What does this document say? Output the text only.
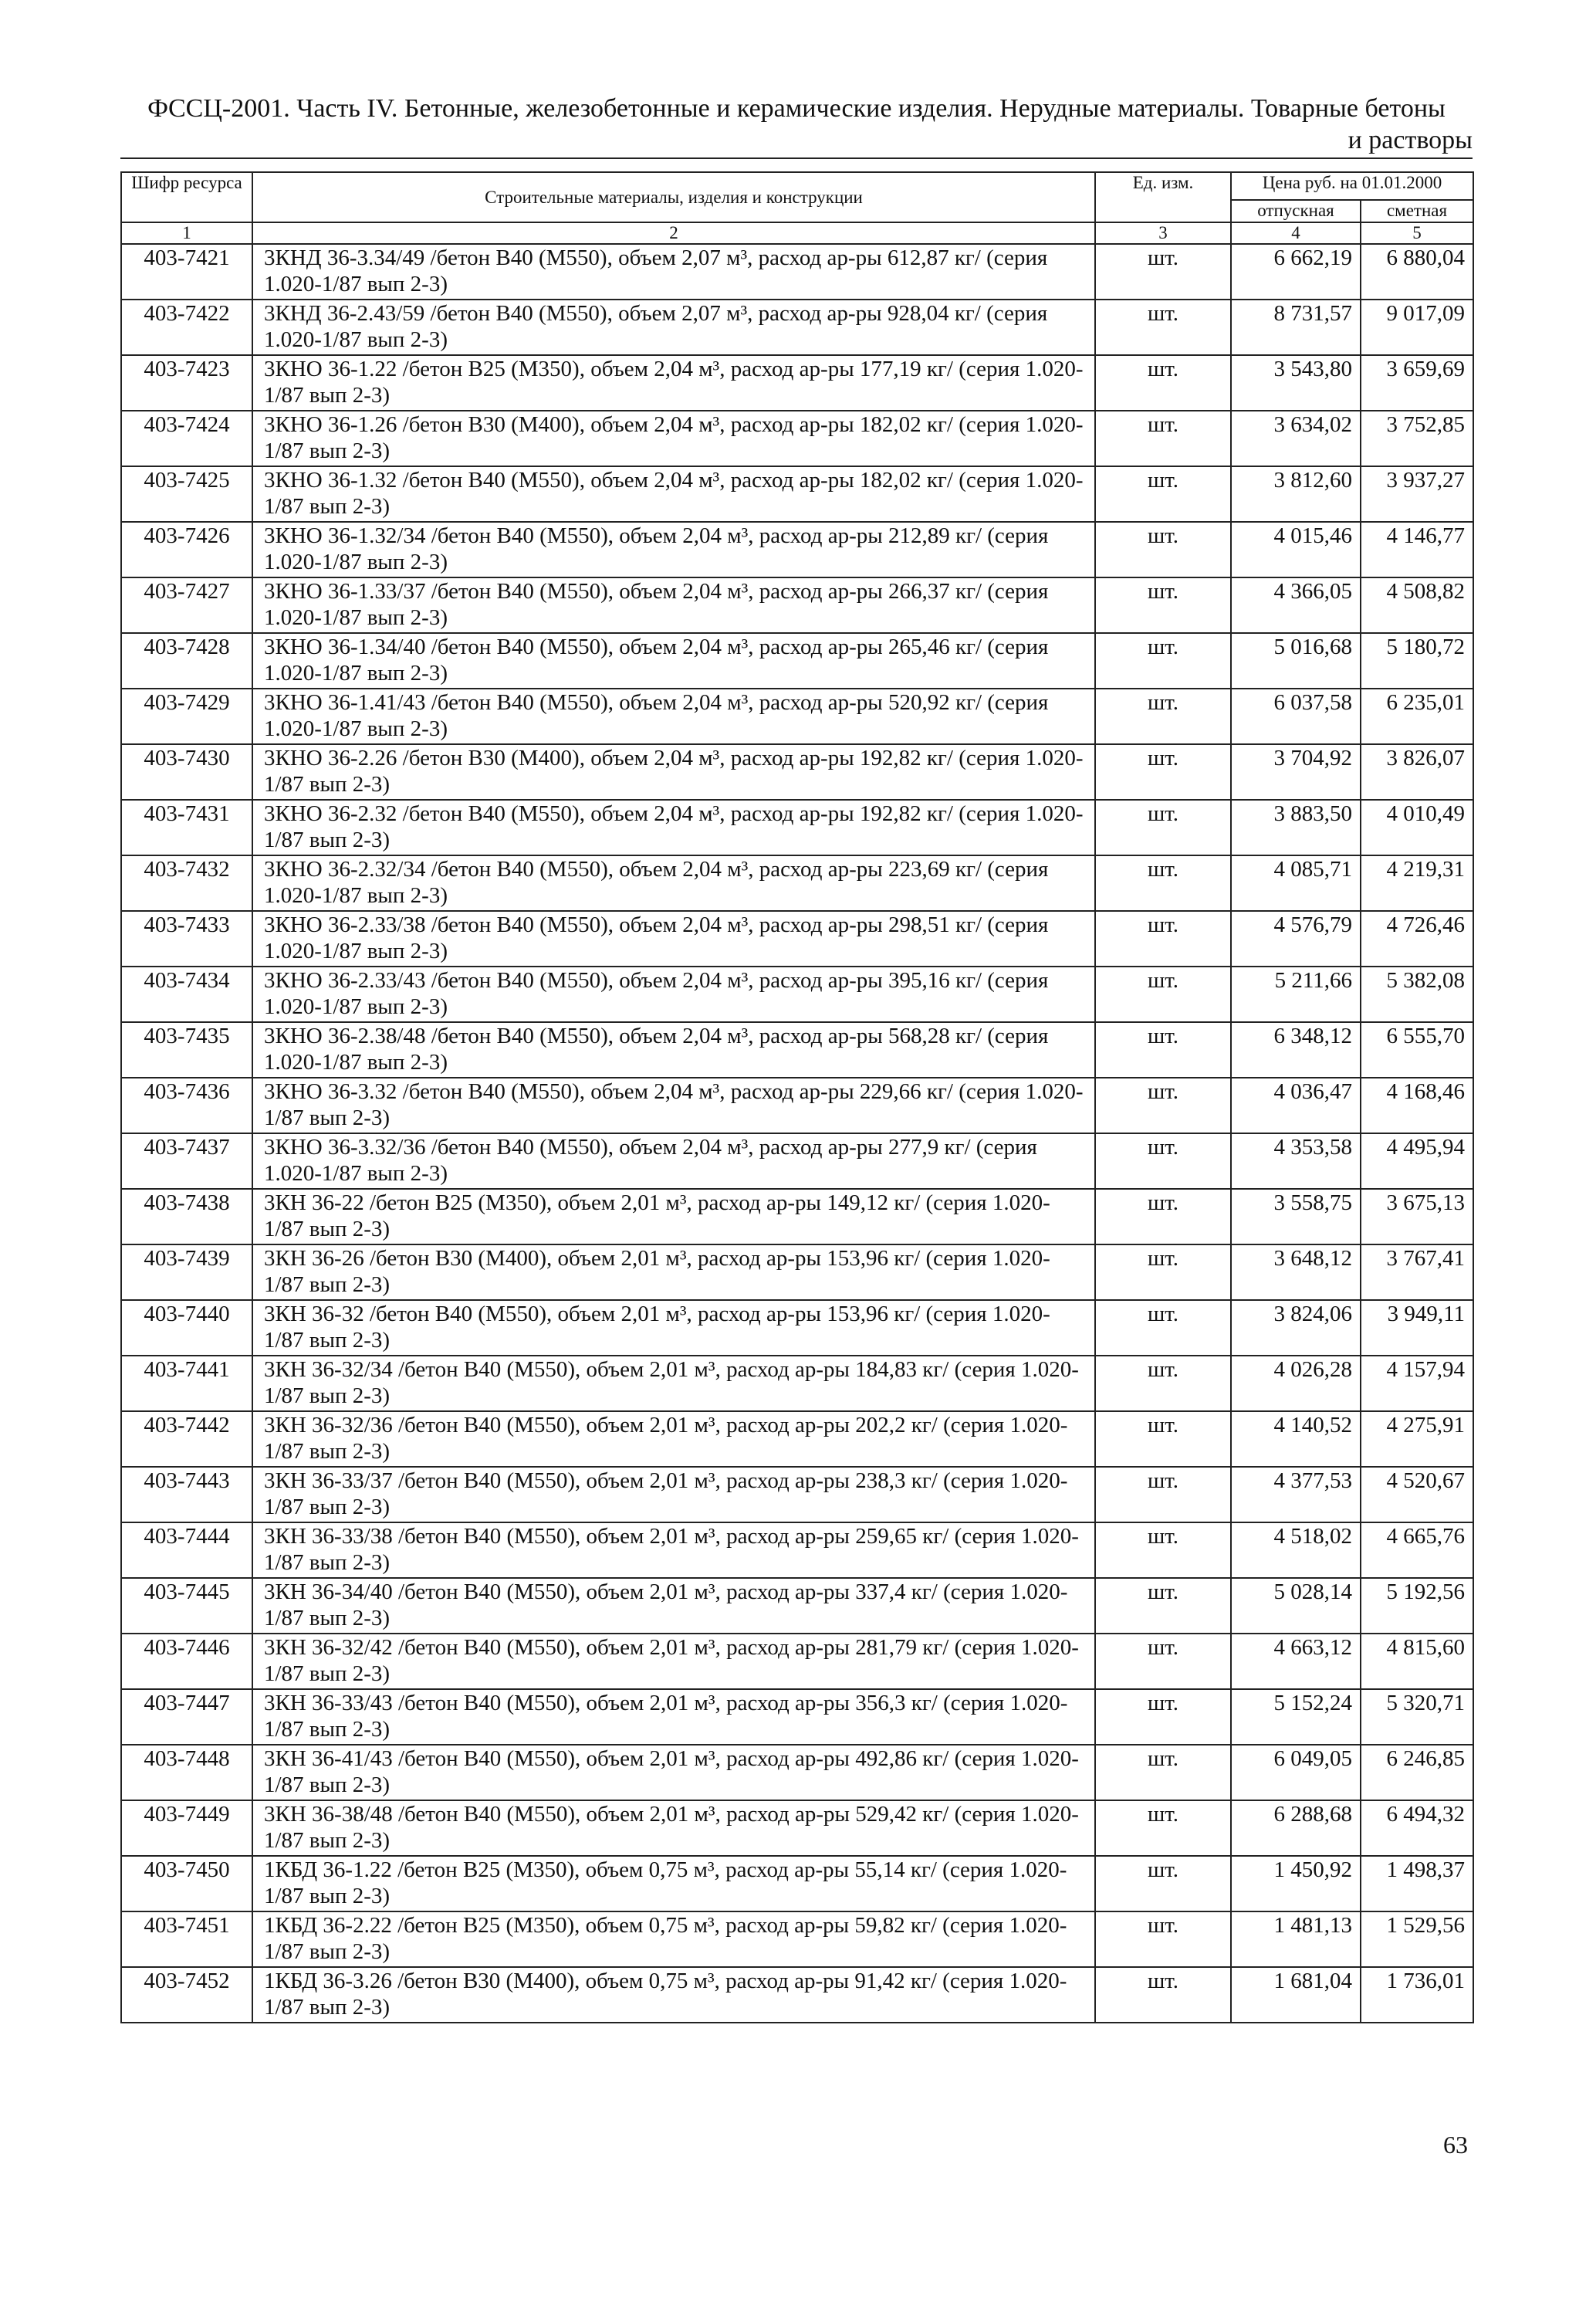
ФССЦ-2001. Часть IV. Бетонные, железобетонные и керамические изделия. Нерудные материалы. Товарные бетоны
и растворы
Шифр ресурса	Строительные материалы, изделия и конструкции	Ед. изм.	Цена руб. на 01.01.2000	
			отпускная	сметная
1	2	3	4	5
403-7421	3КНД 36-3.34/49 /бетон В40 (М550), объем 2,07 м³, расход ар-ры 612,87 кг/ (серия 1.020-1/87 вып 2-3)	шт.	6 662,19	6 880,04
403-7422	3КНД 36-2.43/59 /бетон В40 (М550), объем 2,07 м³, расход ар-ры 928,04 кг/ (серия 1.020-1/87 вып 2-3)	шт.	8 731,57	9 017,09
403-7423	3КНО 36-1.22 /бетон В25 (М350), объем 2,04 м³, расход ар-ры 177,19 кг/ (серия 1.020-1/87 вып 2-3)	шт.	3 543,80	3 659,69
403-7424	3КНО 36-1.26 /бетон В30 (М400), объем 2,04 м³, расход ар-ры 182,02 кг/ (серия 1.020-1/87 вып 2-3)	шт.	3 634,02	3 752,85
403-7425	3КНО 36-1.32 /бетон В40 (М550), объем 2,04 м³, расход ар-ры 182,02 кг/ (серия 1.020-1/87 вып 2-3)	шт.	3 812,60	3 937,27
403-7426	3КНО 36-1.32/34 /бетон В40 (М550), объем 2,04 м³, расход ар-ры 212,89 кг/ (серия 1.020-1/87 вып 2-3)	шт.	4 015,46	4 146,77
403-7427	3КНО 36-1.33/37 /бетон В40 (М550), объем 2,04 м³, расход ар-ры 266,37 кг/ (серия 1.020-1/87 вып 2-3)	шт.	4 366,05	4 508,82
403-7428	3КНО 36-1.34/40 /бетон В40 (М550), объем 2,04 м³, расход ар-ры 265,46 кг/ (серия 1.020-1/87 вып 2-3)	шт.	5 016,68	5 180,72
403-7429	3КНО 36-1.41/43 /бетон В40 (М550), объем 2,04 м³, расход ар-ры 520,92 кг/ (серия 1.020-1/87 вып 2-3)	шт.	6 037,58	6 235,01
403-7430	3КНО 36-2.26 /бетон В30 (М400), объем 2,04 м³, расход ар-ры 192,82 кг/ (серия 1.020-1/87 вып 2-3)	шт.	3 704,92	3 826,07
403-7431	3КНО 36-2.32 /бетон В40 (М550), объем 2,04 м³, расход ар-ры 192,82 кг/ (серия 1.020-1/87 вып 2-3)	шт.	3 883,50	4 010,49
403-7432	3КНО 36-2.32/34 /бетон В40 (М550), объем 2,04 м³, расход ар-ры 223,69 кг/ (серия 1.020-1/87 вып 2-3)	шт.	4 085,71	4 219,31
403-7433	3КНО 36-2.33/38 /бетон В40 (М550), объем 2,04 м³, расход ар-ры 298,51 кг/ (серия 1.020-1/87 вып 2-3)	шт.	4 576,79	4 726,46
403-7434	3КНО 36-2.33/43 /бетон В40 (М550), объем 2,04 м³, расход ар-ры 395,16 кг/ (серия 1.020-1/87 вып 2-3)	шт.	5 211,66	5 382,08
403-7435	3КНО 36-2.38/48 /бетон В40 (М550), объем 2,04 м³, расход ар-ры 568,28 кг/ (серия 1.020-1/87 вып 2-3)	шт.	6 348,12	6 555,70
403-7436	3КНО 36-3.32 /бетон В40 (М550), объем 2,04 м³, расход ар-ры 229,66 кг/ (серия 1.020-1/87 вып 2-3)	шт.	4 036,47	4 168,46
403-7437	3КНО 36-3.32/36 /бетон В40 (М550), объем 2,04 м³, расход ар-ры 277,9 кг/ (серия 1.020-1/87 вып 2-3)	шт.	4 353,58	4 495,94
403-7438	3КН 36-22 /бетон В25 (М350), объем 2,01 м³, расход ар-ры 149,12 кг/ (серия 1.020-1/87 вып 2-3)	шт.	3 558,75	3 675,13
403-7439	3КН 36-26 /бетон В30 (М400), объем 2,01 м³, расход ар-ры 153,96 кг/ (серия 1.020-1/87 вып 2-3)	шт.	3 648,12	3 767,41
403-7440	3КН 36-32 /бетон В40 (М550), объем 2,01 м³, расход ар-ры 153,96 кг/ (серия 1.020-1/87 вып 2-3)	шт.	3 824,06	3 949,11
403-7441	3КН 36-32/34 /бетон В40 (М550), объем 2,01 м³, расход ар-ры 184,83 кг/ (серия 1.020-1/87 вып 2-3)	шт.	4 026,28	4 157,94
403-7442	3КН 36-32/36 /бетон В40 (М550), объем 2,01 м³, расход ар-ры 202,2 кг/ (серия 1.020-1/87 вып 2-3)	шт.	4 140,52	4 275,91
403-7443	3КН 36-33/37 /бетон В40 (М550), объем 2,01 м³, расход ар-ры 238,3 кг/ (серия 1.020-1/87 вып 2-3)	шт.	4 377,53	4 520,67
403-7444	3КН 36-33/38 /бетон В40 (М550), объем 2,01 м³, расход ар-ры 259,65 кг/ (серия 1.020-1/87 вып 2-3)	шт.	4 518,02	4 665,76
403-7445	3КН 36-34/40 /бетон В40 (М550), объем 2,01 м³, расход ар-ры 337,4 кг/ (серия 1.020-1/87 вып 2-3)	шт.	5 028,14	5 192,56
403-7446	3КН 36-32/42 /бетон В40 (М550), объем 2,01 м³, расход ар-ры 281,79 кг/ (серия 1.020-1/87 вып 2-3)	шт.	4 663,12	4 815,60
403-7447	3КН 36-33/43 /бетон В40 (М550), объем 2,01 м³, расход ар-ры 356,3 кг/ (серия 1.020-1/87 вып 2-3)	шт.	5 152,24	5 320,71
403-7448	3КН 36-41/43 /бетон В40 (М550), объем 2,01 м³, расход ар-ры 492,86 кг/ (серия 1.020-1/87 вып 2-3)	шт.	6 049,05	6 246,85
403-7449	3КН 36-38/48 /бетон В40 (М550), объем 2,01 м³, расход ар-ры 529,42 кг/ (серия 1.020-1/87 вып 2-3)	шт.	6 288,68	6 494,32
403-7450	1КБД 36-1.22 /бетон В25 (М350), объем 0,75 м³, расход ар-ры 55,14 кг/ (серия 1.020-1/87 вып 2-3)	шт.	1 450,92	1 498,37
403-7451	1КБД 36-2.22 /бетон В25 (М350), объем 0,75 м³, расход ар-ры 59,82 кг/ (серия 1.020-1/87 вып 2-3)	шт.	1 481,13	1 529,56
403-7452	1КБД 36-3.26 /бетон В30 (М400), объем 0,75 м³, расход ар-ры 91,42 кг/ (серия 1.020-1/87 вып 2-3)	шт.	1 681,04	1 736,01
63
